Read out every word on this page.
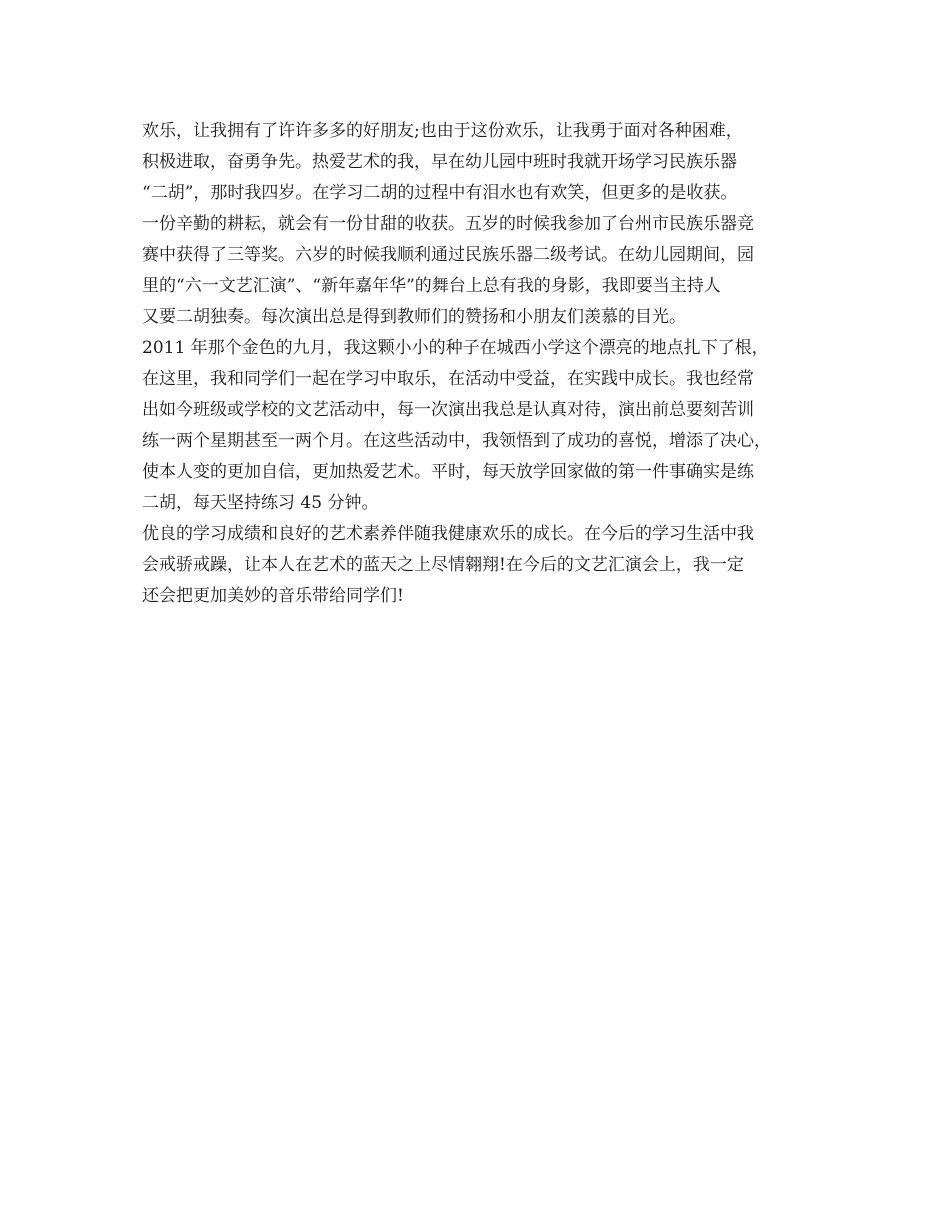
欢乐，让我拥有了许许多多的好朋友;也由于这份欢乐，让我勇于面对各种困难，
积极进取，奋勇争先。热爱艺术的我，早在幼儿园中班时我就开场学习民族乐器
“二胡”，那时我四岁。在学习二胡的过程中有泪水也有欢笑，但更多的是收获。
一份辛勤的耕耘，就会有一份甘甜的收获。五岁的时候我参加了台州市民族乐器竞
赛中获得了三等奖。六岁的时候我顺利通过民族乐器二级考试。在幼儿园期间，园
里的“六一文艺汇演”、“新年嘉年华”的舞台上总有我的身影，我即要当主持人
又要二胡独奏。每次演出总是得到教师们的赞扬和小朋友们羡慕的目光。
2011 年那个金色的九月，我这颗小小的种子在城西小学这个漂亮的地点扎下了根，
在这里，我和同学们一起在学习中取乐，在活动中受益，在实践中成长。我也经常
出如今班级或学校的文艺活动中，每一次演出我总是认真对待，演出前总要刻苦训
练一两个星期甚至一两个月。在这些活动中，我领悟到了成功的喜悦，增添了决心，
使本人变的更加自信，更加热爱艺术。平时，每天放学回家做的第一件事确实是练
二胡，每天坚持练习 45 分钟。
优良的学习成绩和良好的艺术素养伴随我健康欢乐的成长。在今后的学习生活中我
会戒骄戒躁，让本人在艺术的蓝天之上尽情翱翔!在今后的文艺汇演会上，我一定
还会把更加美妙的音乐带给同学们!
